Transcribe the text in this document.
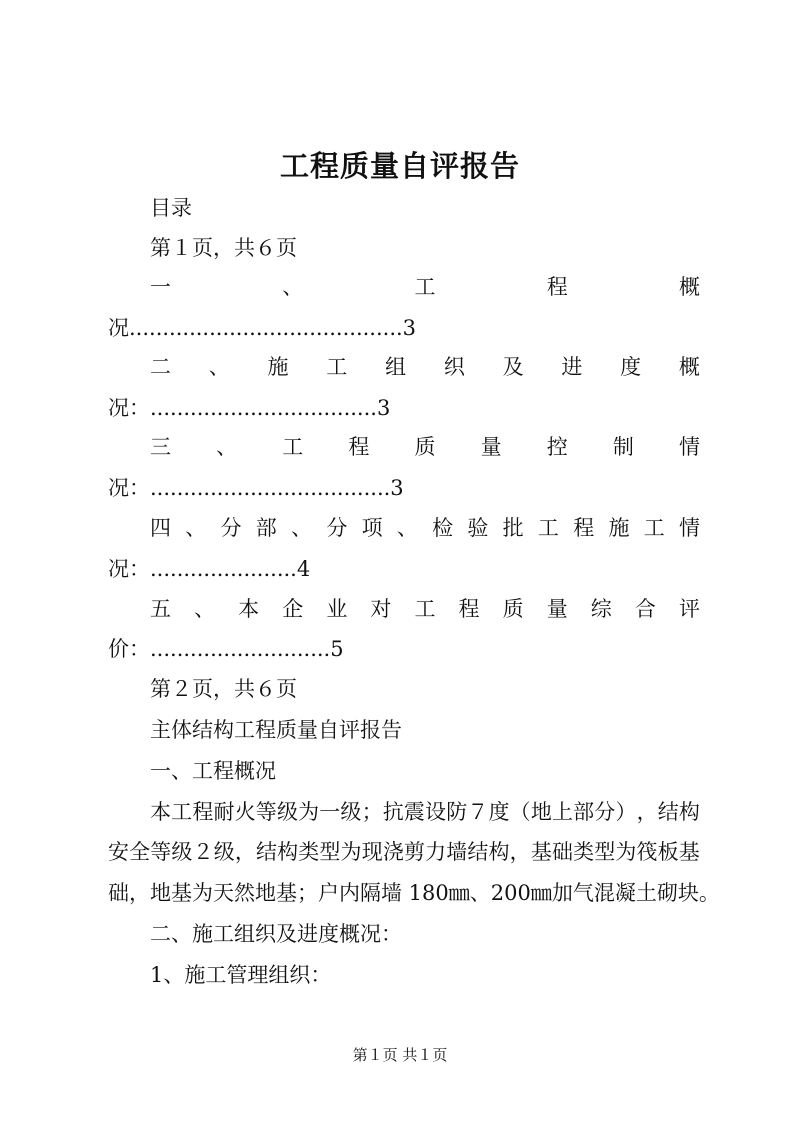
工程质量自评报告
目录
第１页，共６页
一	、	工	程	概
况.........................................3
二 、 施 工 组 织 及 进 度 概
况：..................................3
三 、 工 程 质 量 控 制 情
况：....................................3
四 、 分 部 、 分 项 、 检 验 批 工 程 施 工 情
况：......................4
五 、 本 企 业 对 工 程 质 量 综 合 评
价：...........................5
第２页，共６页
主体结构工程质量自评报告
一、工程概况
本 工 程 耐 火 等 级 为 一 级 ； 抗 震 设 防 ７ 度 （ 地 上 部 分 ） ， 结 构
安 全 等 级 ２ 级 ， 结 构 类 型 为 现 浇 剪 力 墙 结 构 ， 基 础 类 型 为 筏 板 基
础，地基为天然地基；户内隔墙 180㎜、200㎜加气混凝土砌块。
二、施工组织及进度概况：
1、施工管理组织：
第１页 共１页
